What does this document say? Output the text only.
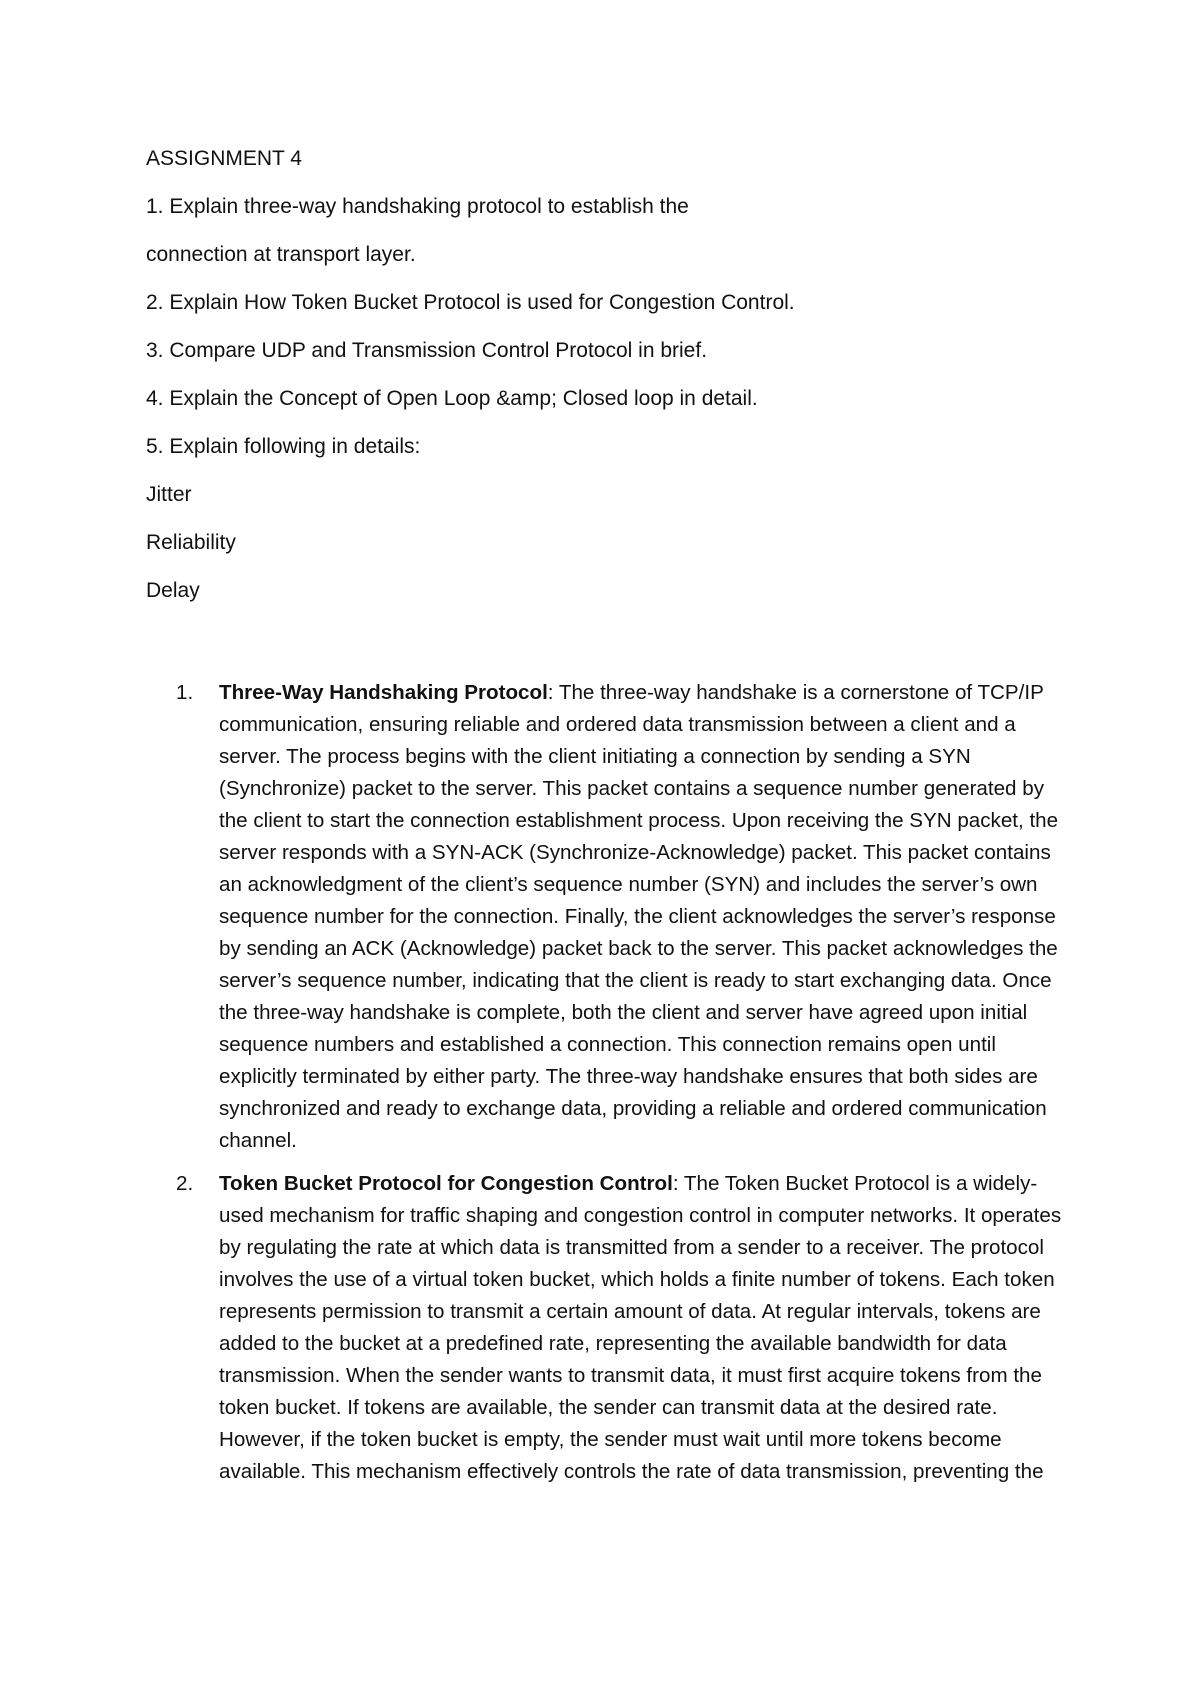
ASSIGNMENT 4

1. Explain three-way handshaking protocol to establish the

connection at transport layer.

2. Explain How Token Bucket Protocol is used for Congestion Control.

3. Compare UDP and Transmission Control Protocol in brief.

4. Explain the Concept of Open Loop &amp; Closed loop in detail.

5. Explain following in details:

Jitter

Reliability

Delay

1.	Three-Way Handshaking Protocol: The three-way handshake is a cornerstone of TCP/IP communication, ensuring reliable and ordered data transmission between a client and a server. The process begins with the client initiating a connection by sending a SYN (Synchronize) packet to the server. This packet contains a sequence number generated by the client to start the connection establishment process. Upon receiving the SYN packet, the server responds with a SYN-ACK (Synchronize-Acknowledge) packet. This packet contains an acknowledgment of the client’s sequence number (SYN) and includes the server’s own sequence number for the connection. Finally, the client acknowledges the server’s response by sending an ACK (Acknowledge) packet back to the server. This packet acknowledges the server’s sequence number, indicating that the client is ready to start exchanging data. Once the three-way handshake is complete, both the client and server have agreed upon initial sequence numbers and established a connection. This connection remains open until explicitly terminated by either party. The three-way handshake ensures that both sides are synchronized and ready to exchange data, providing a reliable and ordered communication channel.
2.	Token Bucket Protocol for Congestion Control: The Token Bucket Protocol is a widely-used mechanism for traffic shaping and congestion control in computer networks. It operates by regulating the rate at which data is transmitted from a sender to a receiver. The protocol involves the use of a virtual token bucket, which holds a finite number of tokens. Each token represents permission to transmit a certain amount of data. At regular intervals, tokens are added to the bucket at a predefined rate, representing the available bandwidth for data transmission. When the sender wants to transmit data, it must first acquire tokens from the token bucket. If tokens are available, the sender can transmit data at the desired rate. However, if the token bucket is empty, the sender must wait until more tokens become available. This mechanism effectively controls the rate of data transmission, preventing the
